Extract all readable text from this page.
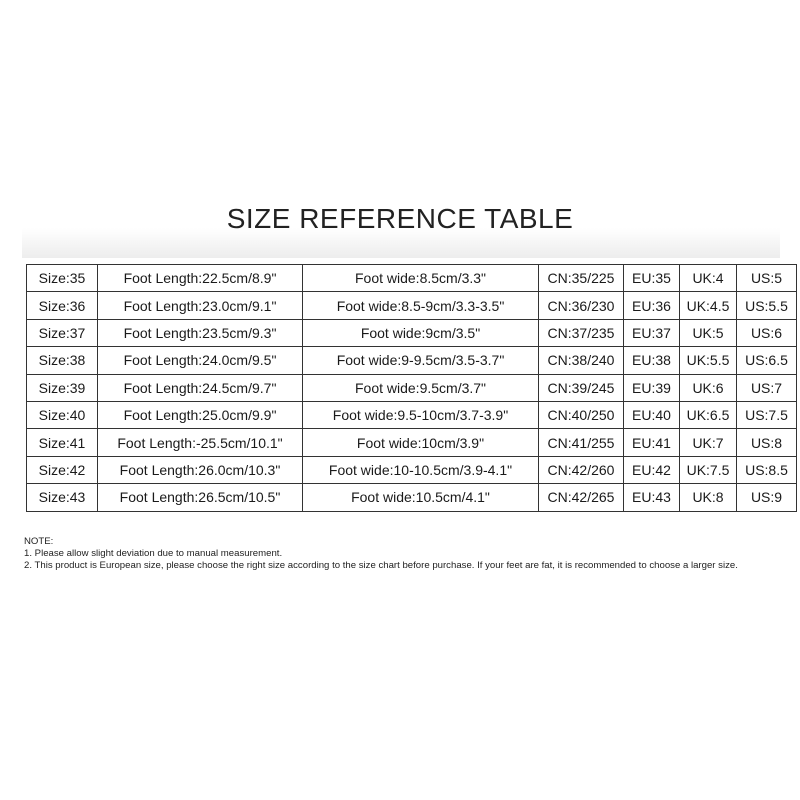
SIZE REFERENCE TABLE
Size:35	Foot Length:22.5cm/8.9"	Foot wide:8.5cm/3.3"	CN:35/225	EU:35	UK:4	US:5
Size:36	Foot Length:23.0cm/9.1"	Foot wide:8.5-9cm/3.3-3.5"	CN:36/230	EU:36	UK:4.5	US:5.5
Size:37	Foot Length:23.5cm/9.3"	Foot wide:9cm/3.5"	CN:37/235	EU:37	UK:5	US:6
Size:38	Foot Length:24.0cm/9.5"	Foot wide:9-9.5cm/3.5-3.7"	CN:38/240	EU:38	UK:5.5	US:6.5
Size:39	Foot Length:24.5cm/9.7"	Foot wide:9.5cm/3.7"	CN:39/245	EU:39	UK:6	US:7
Size:40	Foot Length:25.0cm/9.9"	Foot wide:9.5-10cm/3.7-3.9"	CN:40/250	EU:40	UK:6.5	US:7.5
Size:41	Foot Length:-25.5cm/10.1"	Foot wide:10cm/3.9"	CN:41/255	EU:41	UK:7	US:8
Size:42	Foot Length:26.0cm/10.3"	Foot wide:10-10.5cm/3.9-4.1"	CN:42/260	EU:42	UK:7.5	US:8.5
Size:43	Foot Length:26.5cm/10.5"	Foot wide:10.5cm/4.1"	CN:42/265	EU:43	UK:8	US:9
NOTE:
1. Please allow slight deviation due to manual measurement.
2. This product is European size, please choose the right size according to the size chart before purchase. If your feet are fat, it is recommended to choose a larger size.
